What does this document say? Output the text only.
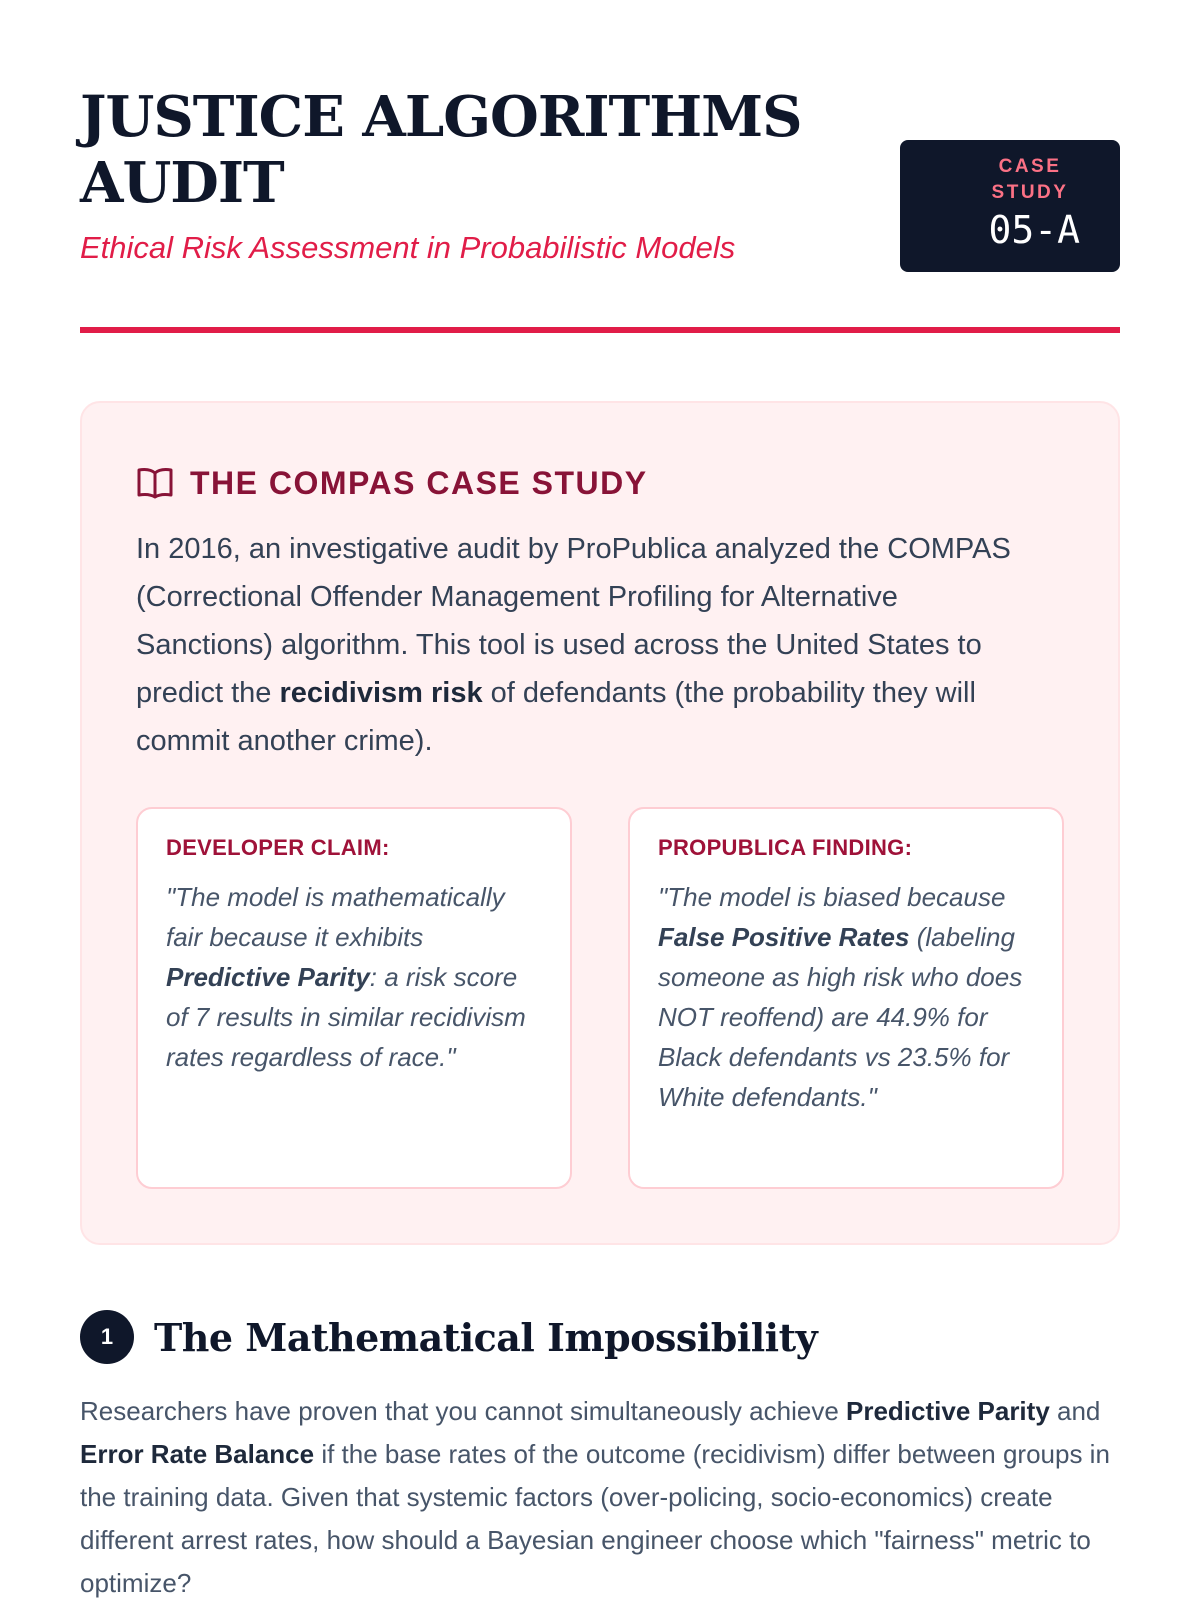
JUSTICE ALGORITHMS AUDIT

Ethical Risk Assessment in Probabilistic Models

CASE STUDY
05-A
THE COMPAS CASE STUDY

In 2016, an investigative audit by ProPublica analyzed the COMPAS (Correctional Offender Management Profiling for Alternative Sanctions) algorithm. This tool is used across the United States to predict the recidivism risk of defendants (the probability they will commit another crime).

DEVELOPER CLAIM:

"The model is mathematically fair because it exhibits Predictive Parity: a risk score of 7 results in similar recidivism rates regardless of race."

PROPUBLICA FINDING:

"The model is biased because False Positive Rates (labeling someone as high risk who does NOT reoffend) are 44.9% for Black defendants vs 23.5% for White defendants."

1	The Mathematical Impossibility

Researchers have proven that you cannot simultaneously achieve Predictive Parity and Error Rate Balance if the base rates of the outcome (recidivism) differ between groups in the training data. Given that systemic factors (over-policing, socio-economics) create different arrest rates, how should a Bayesian engineer choose which "fairness" metric to optimize?
